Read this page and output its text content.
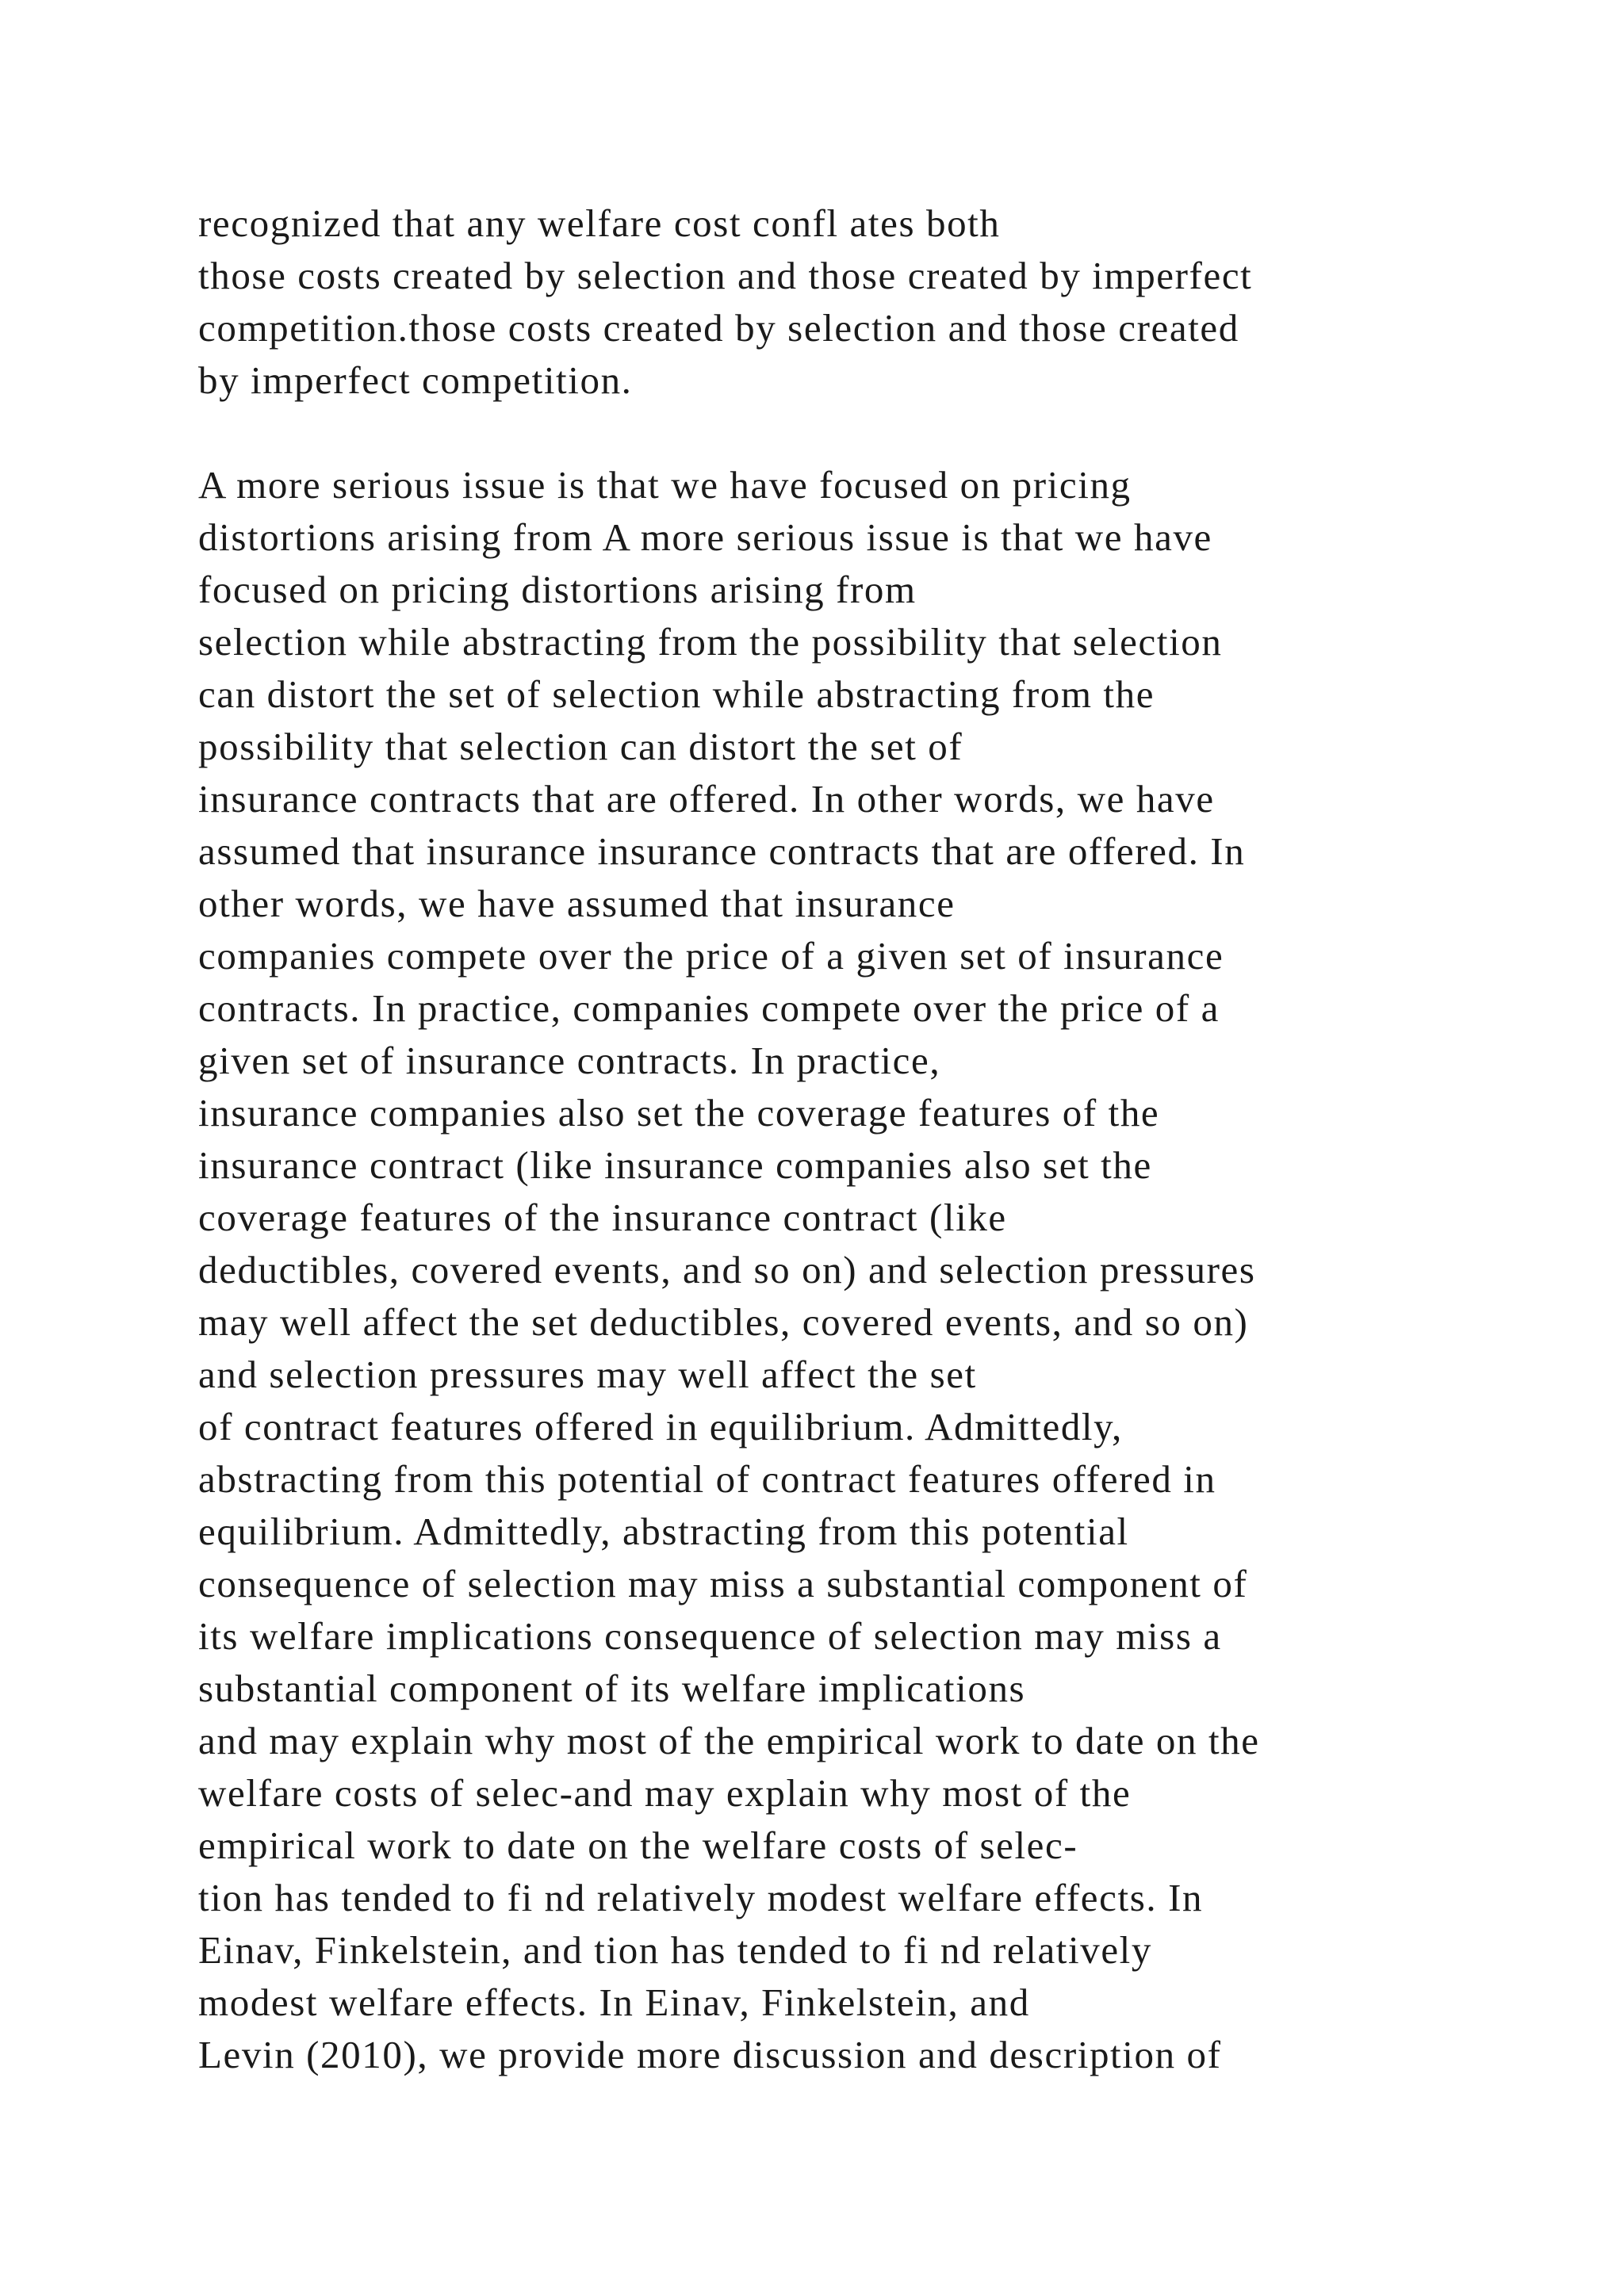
recognized that any welfare cost confl ates both
those costs created by selection and those created by imperfect
competition.those costs created by selection and those created
by imperfect competition.
A more serious issue is that we have focused on pricing
distortions arising from A more serious issue is that we have
focused on pricing distortions arising from
selection while abstracting from the possibility that selection
can distort the set of selection while abstracting from the
possibility that selection can distort the set of
insurance contracts that are offered. In other words, we have
assumed that insurance insurance contracts that are offered. In
other words, we have assumed that insurance
companies compete over the price of a given set of insurance
contracts. In practice, companies compete over the price of a
given set of insurance contracts. In practice,
insurance companies also set the coverage features of the
insurance contract (like insurance companies also set the
coverage features of the insurance contract (like
deductibles, covered events, and so on) and selection pressures
may well affect the set deductibles, covered events, and so on)
and selection pressures may well affect the set
of contract features offered in equilibrium. Admittedly,
abstracting from this potential of contract features offered in
equilibrium. Admittedly, abstracting from this potential
consequence of selection may miss a substantial component of
its welfare implications consequence of selection may miss a
substantial component of its welfare implications
and may explain why most of the empirical work to date on the
welfare costs of selec-and may explain why most of the
empirical work to date on the welfare costs of selec-
tion has tended to fi nd relatively modest welfare effects. In
Einav, Finkelstein, and tion has tended to fi nd relatively
modest welfare effects. In Einav, Finkelstein, and
Levin (2010), we provide more discussion and description of
